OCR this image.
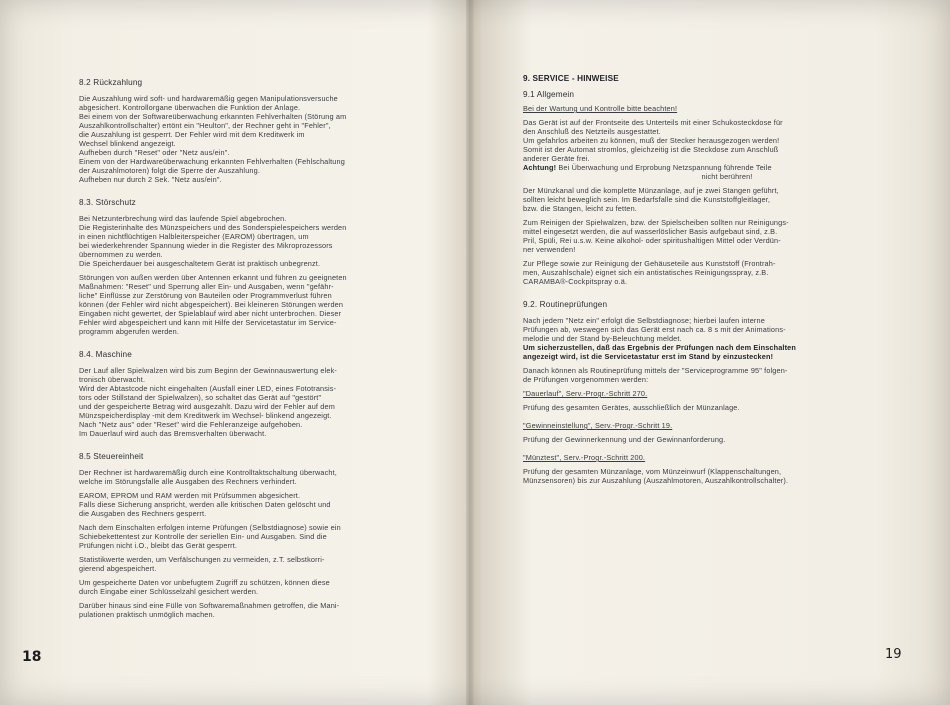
8.2 Rückzahlung

Die Auszahlung wird soft- und hardwaremäßig gegen Manipulationsversuche

abgesichert. Kontrollorgane überwachen die Funktion der Anlage.

Bei einem von der Softwareüberwachung erkannten Fehlverhalten (Störung am

Auszahlkontrollschalter) ertönt ein "Heulton", der Rechner geht in "Fehler",

die Auszahlung ist gesperrt. Der Fehler wird mit dem Kreditwerk im

Wechsel blinkend angezeigt.

Aufheben durch "Reset" oder "Netz aus/ein".

Einem von der Hardwareüberwachung erkannten Fehlverhalten (Fehlschaltung

der Auszahlmotoren) folgt die Sperre der Auszahlung.

Aufheben nur durch 2 Sek. "Netz aus/ein".

8.3. Störschutz

Bei Netzunterbrechung wird das laufende Spiel abgebrochen.

Die Registerinhalte des Münzspeichers und des Sonderspielespeichers werden

in einen nichtflüchtigen Halbleiterspeicher (EAROM) übertragen, um

bei wiederkehrender Spannung wieder in die Register des Mikroprozessors

übernommen zu werden.

Die Speicherdauer bei ausgeschaltetem Gerät ist praktisch unbegrenzt.

Störungen von außen werden über Antennen erkannt und führen zu geeigneten

Maßnahmen: "Reset" und Sperrung aller Ein- und Ausgaben, wenn "gefähr-

liche" Einflüsse zur Zerstörung von Bauteilen oder Programmverlust führen

können (der Fehler wird nicht abgespeichert). Bei kleineren Störungen werden

Eingaben nicht gewertet, der Spielablauf wird aber nicht unterbrochen. Dieser

Fehler wird abgespeichert und kann mit Hilfe der Servicetastatur im Service-

programm abgerufen werden.

8.4. Maschine

Der Lauf aller Spielwalzen wird bis zum Beginn der Gewinnauswertung elek-

tronisch überwacht.

Wird der Abtastcode nicht eingehalten (Ausfall einer LED, eines Fototransis-

tors oder Stillstand der Spielwalzen), so schaltet das Gerät auf "gestört"

und der gespeicherte Betrag wird ausgezahlt. Dazu wird der Fehler auf dem

Münzspeicherdisplay -mit dem Kreditwerk im Wechsel- blinkend angezeigt.

Nach "Netz aus" oder "Reset" wird die Fehleranzeige aufgehoben.

Im Dauerlauf wird auch das Bremsverhalten überwacht.

8.5 Steuereinheit

Der Rechner ist hardwaremäßig durch eine Kontrolltaktschaltung überwacht,

welche im Störungsfalle alle Ausgaben des Rechners verhindert.

EAROM, EPROM und RAM werden mit Prüfsummen abgesichert.

Falls diese Sicherung anspricht, werden alle kritischen Daten gelöscht und

die Ausgaben des Rechners gesperrt.

Nach dem Einschalten erfolgen interne Prüfungen (Selbstdiagnose) sowie ein

Schiebekettentest zur Kontrolle der seriellen Ein- und Ausgaben. Sind die

Prüfungen nicht i.O., bleibt das Gerät gesperrt.

Statistikwerte werden, um Verfälschungen zu vermeiden, z.T. selbstkorri-

gierend abgespeichert.

Um gespeicherte Daten vor unbefugtem Zugriff zu schützen, können diese

durch Eingabe einer Schlüsselzahl gesichert werden.

Darüber hinaus sind eine Fülle von Softwaremaßnahmen getroffen, die Mani-

pulationen praktisch unmöglich machen.

18
9. SERVICE - HINWEISE
9.1 Allgemein

Bei der Wartung und Kontrolle bitte beachten!

Das Gerät ist auf der Frontseite des Unterteils mit einer Schukosteckdose für

den Anschluß des Netzteils ausgestattet.

Um gefahrlos arbeiten zu können, muß der Stecker herausgezogen werden!

Somit ist der Automat stromlos, gleichzeitig ist die Steckdose zum Anschluß

anderer Geräte frei.

Achtung! Bei Überwachung und Erprobung Netzspannung führende Teile

nicht berühren!

Der Münzkanal und die komplette Münzanlage, auf je zwei Stangen geführt,

sollten leicht beweglich sein. Im Bedarfsfalle sind die Kunststoffgleitlager,

bzw. die Stangen, leicht zu fetten.

Zum Reinigen der Spielwalzen, bzw. der Spielscheiben sollten nur Reinigungs-

mittel eingesetzt werden, die auf wasserlöslicher Basis aufgebaut sind, z.B.

Pril, Spüli, Rei u.s.w. Keine alkohol- oder spiritushaltigen Mittel oder Verdün-

ner verwenden!

Zur Pflege sowie zur Reinigung der Gehäuseteile aus Kunststoff (Frontrah-

men, Auszahlschale) eignet sich ein antistatisches Reinigungsspray, z.B.

CARAMBA®-Cockpitspray o.ä.

9.2. Routineprüfungen

Nach jedem "Netz ein" erfolgt die Selbstdiagnose; hierbei laufen interne

Prüfungen ab, weswegen sich das Gerät erst nach ca. 8 s mit der Animations-

melodie und der Stand by-Beleuchtung meldet.

Um sicherzustellen, daß das Ergebnis der Prüfungen nach dem Einschalten

angezeigt wird, ist die Servicetastatur erst im Stand by einzustecken!

Danach können als Routineprüfung mittels der "Serviceprogramme 95" folgen-

de Prüfungen vorgenommen werden:

"Dauerlauf", Serv.-Progr.-Schritt 270.

Prüfung des gesamten Gerätes, ausschließlich der Münzanlage.

"Gewinneinstellung", Serv.-Progr.-Schritt 19.

Prüfung der Gewinnerkennung und der Gewinnanforderung.

"Münztest", Serv.-Progr.-Schritt 200.

Prüfung der gesamten Münzanlage, vom Münzeinwurf (Klappenschaltungen,

Münzsensoren) bis zur Auszahlung (Auszahlmotoren, Auszahlkontrollschalter).

19
